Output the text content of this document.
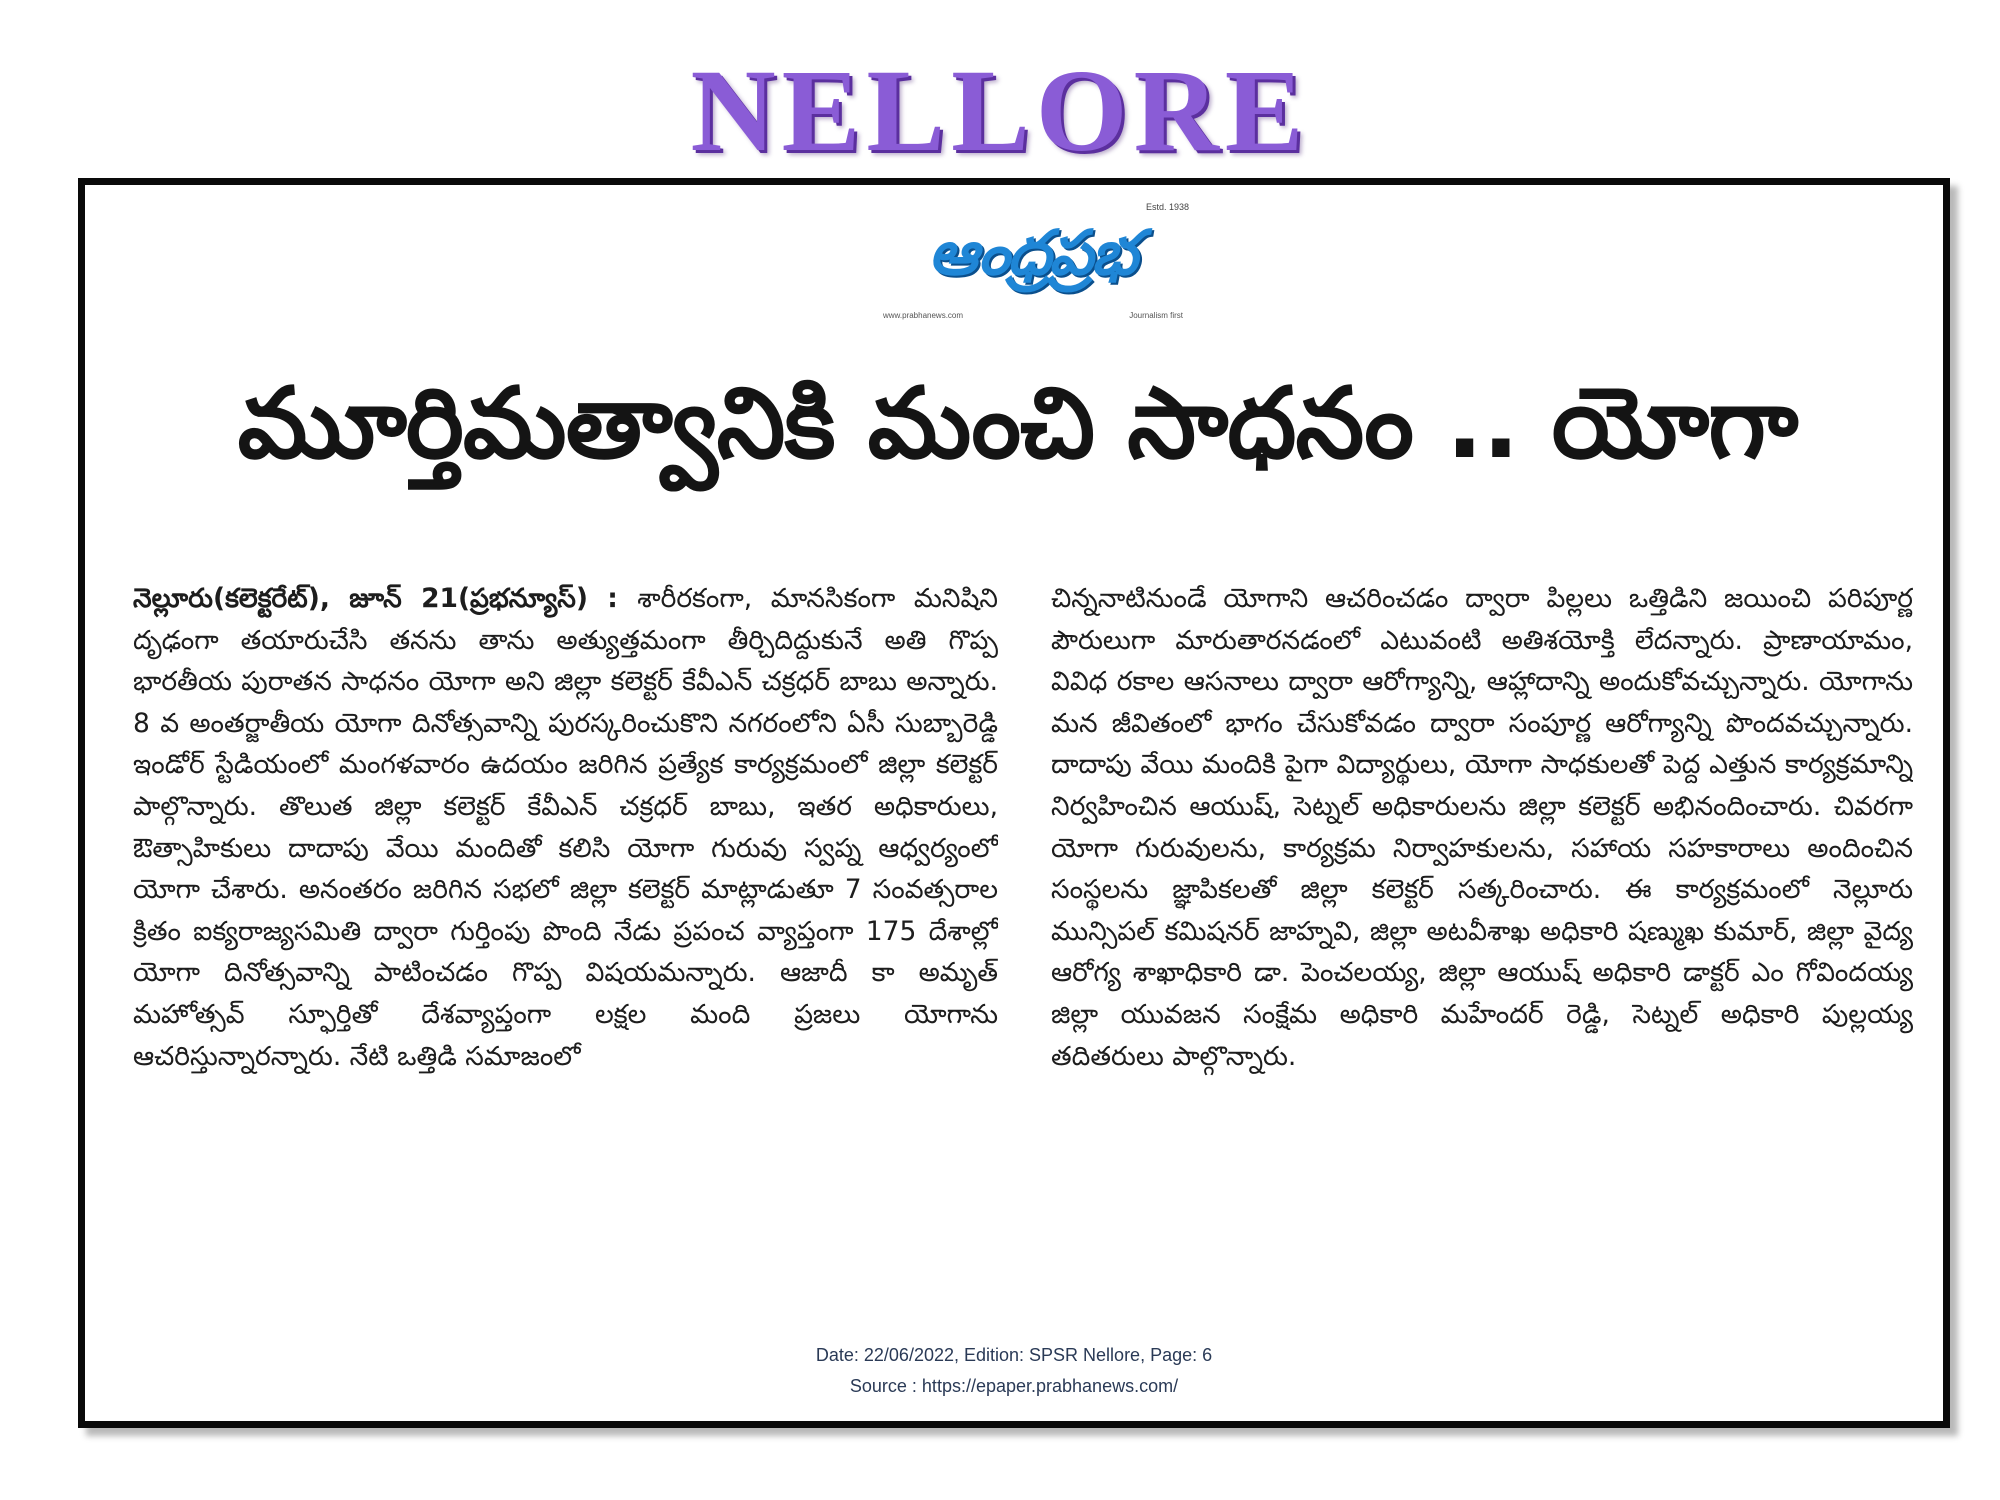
NELLORE
Estd. 1938
ఆంధ్రప్రభ
www.prabhanews.com	Journalism first
మూర్తిమత్వానికి మంచి సాధనం .. యోగా
నెల్లూరు(కలెక్టరేట్), జూన్ 21(ప్రభన్యూస్) : శారీరకంగా, మానసికంగా మనిషిని దృఢంగా తయారుచేసి తనను తాను అత్యుత్తమంగా తీర్చిదిద్దుకునే అతి గొప్ప భారతీయ పురాతన సాధనం యోగా అని జిల్లా కలెక్టర్ కేవీఎన్ చక్రధర్ బాబు అన్నారు. 8 వ అంతర్జాతీయ యోగా దినోత్సవాన్ని పురస్కరించుకొని నగరంలోని ఏసీ సుబ్బారెడ్డి ఇండోర్ స్టేడియంలో మంగళవారం ఉదయం జరిగిన ప్రత్యేక కార్యక్రమంలో జిల్లా కలెక్టర్ పాల్గొన్నారు. తొలుత జిల్లా కలెక్టర్ కేవీఎన్ చక్రధర్ బాబు, ఇతర అధికారులు, ఔత్సాహికులు దాదాపు వేయి మందితో కలిసి యోగా గురువు స్వప్న ఆధ్వర్యంలో యోగా చేశారు. అనంతరం జరిగిన సభలో జిల్లా కలెక్టర్ మాట్లాడుతూ 7 సంవత్సరాల క్రితం ఐక్యరాజ్యసమితి ద్వారా గుర్తింపు పొంది నేడు ప్రపంచ వ్యాప్తంగా 175 దేశాల్లో యోగా దినోత్సవాన్ని పాటించడం గొప్ప విషయమన్నారు. ఆజాదీ కా అమృత్ మహోత్సవ్ స్ఫూర్తితో దేశవ్యాప్తంగా లక్షల మంది ప్రజలు యోగాను ఆచరిస్తున్నారన్నారు. నేటి ఒత్తిడి సమాజంలో
చిన్ననాటినుండే యోగాని ఆచరించడం ద్వారా పిల్లలు ఒత్తిడిని జయించి పరిపూర్ణ పౌరులుగా మారుతారనడంలో ఎటువంటి అతిశయోక్తి లేదన్నారు. ప్రాణాయామం, వివిధ రకాల ఆసనాలు ద్వారా ఆరోగ్యాన్ని, ఆహ్లాదాన్ని అందుకోవచ్చున్నారు. యోగాను మన జీవితంలో భాగం చేసుకోవడం ద్వారా సంపూర్ణ ఆరోగ్యాన్ని పొందవచ్చున్నారు. దాదాపు వేయి మందికి పైగా విద్యార్థులు, యోగా సాధకులతో పెద్ద ఎత్తున కార్యక్రమాన్ని నిర్వహించిన ఆయుష్, సెట్నల్ అధికారులను జిల్లా కలెక్టర్ అభినందించారు. చివరగా యోగా గురువులను, కార్యక్రమ నిర్వాహకులను, సహాయ సహకారాలు అందించిన సంస్థలను జ్ఞాపికలతో జిల్లా కలెక్టర్ సత్కరించారు. ఈ కార్యక్రమంలో నెల్లూరు మున్సిపల్ కమిషనర్ జాహ్నవి, జిల్లా అటవీశాఖ అధికారి షణ్ముఖ కుమార్, జిల్లా వైద్య ఆరోగ్య శాఖాధికారి డా. పెంచలయ్య, జిల్లా ఆయుష్ అధికారి డాక్టర్ ఎం గోవిందయ్య జిల్లా యువజన సంక్షేమ అధికారి మహేందర్ రెడ్డి, సెట్నల్ అధికారి పుల్లయ్య తదితరులు పాల్గొన్నారు.
Date: 22/06/2022, Edition: SPSR Nellore, Page: 6
Source : https://epaper.prabhanews.com/
